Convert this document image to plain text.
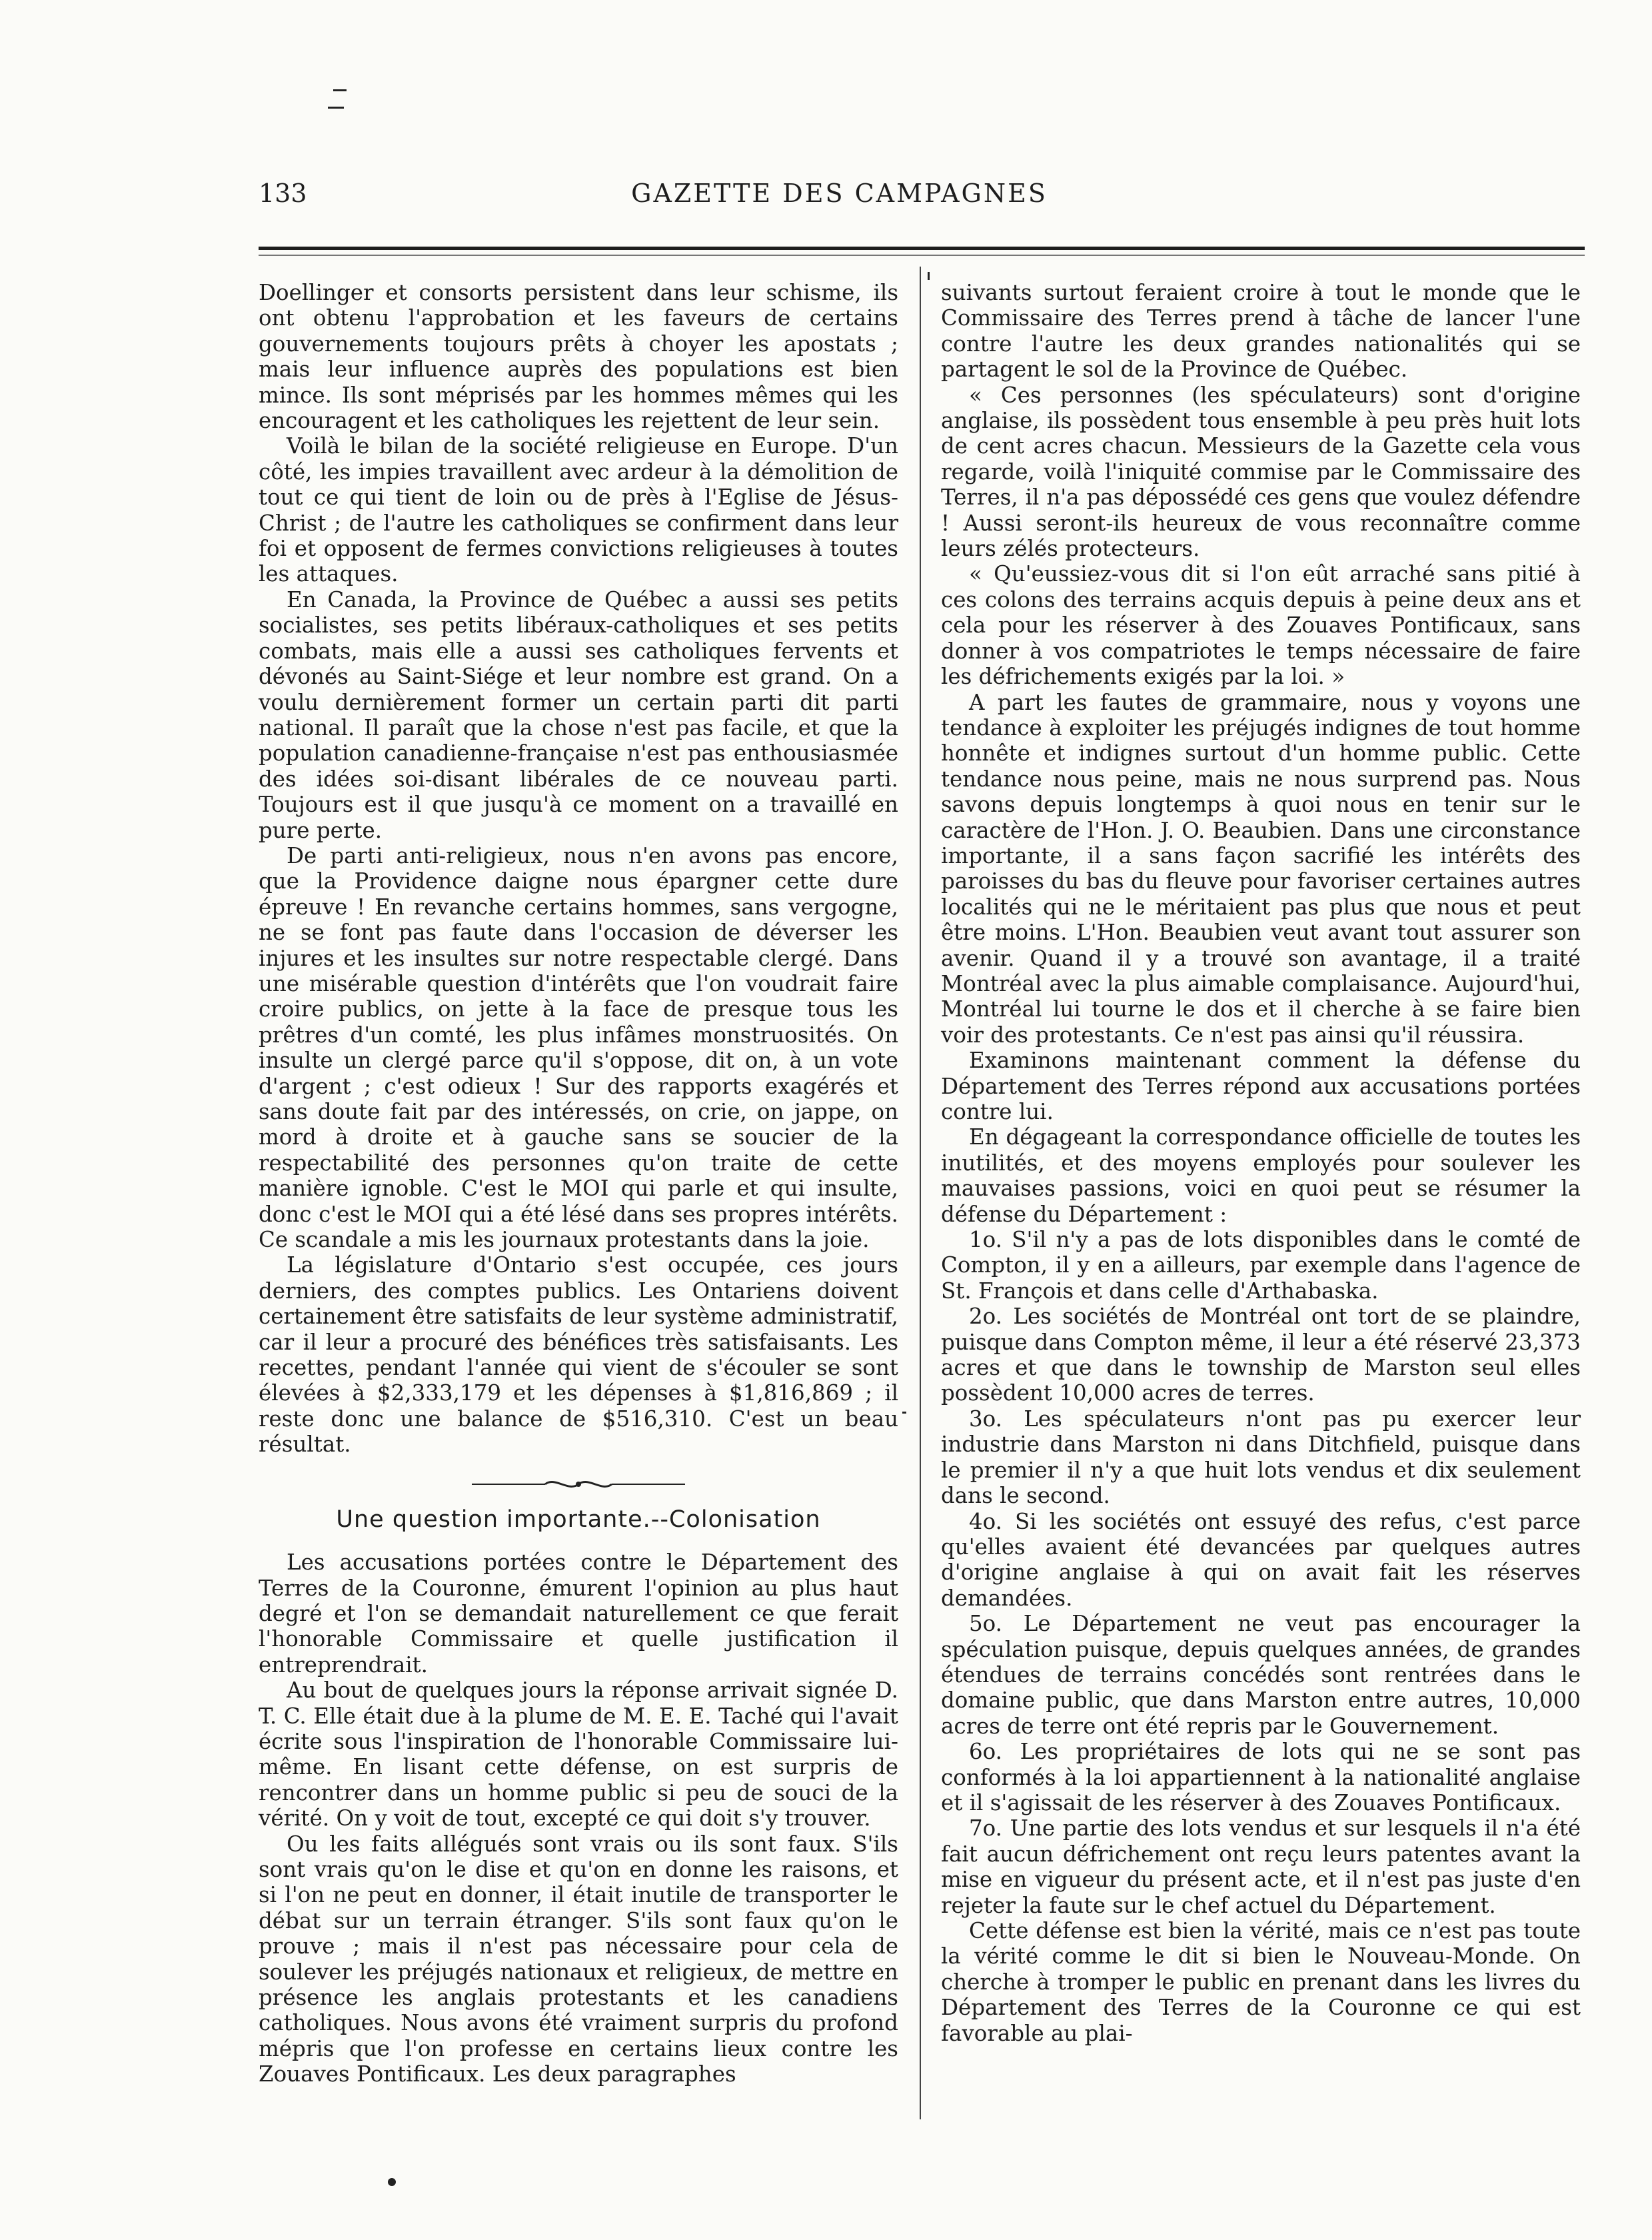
133	GAZETTE DES CAMPAGNES

Doellinger et consorts persistent dans leur schisme, ils ont obtenu l'approbation et les faveurs de certains gouvernements toujours prêts à choyer les apostats ; mais leur influence auprès des populations est bien mince. Ils sont méprisés par les hommes mêmes qui les encouragent et les catholiques les rejettent de leur sein.

Voilà le bilan de la société religieuse en Europe. D'un côté, les impies travaillent avec ardeur à la démolition de tout ce qui tient de loin ou de près à l'Eglise de Jésus-Christ ; de l'autre les catholiques se confirment dans leur foi et opposent de fermes convictions religieuses à toutes les attaques.

En Canada, la Province de Québec a aussi ses petits socialistes, ses petits libéraux-catholiques et ses petits combats, mais elle a aussi ses catholiques fervents et dévonés au Saint-Siége et leur nombre est grand. On a voulu dernièrement former un certain parti dit parti national. Il paraît que la chose n'est pas facile, et que la population canadienne-française n'est pas enthousiasmée des idées soi-disant libérales de ce nouveau parti. Toujours est il que jusqu'à ce moment on a travaillé en pure perte.

De parti anti-religieux, nous n'en avons pas encore, que la Providence daigne nous épargner cette dure épreuve ! En revanche certains hommes, sans vergogne, ne se font pas faute dans l'occasion de déverser les injures et les insultes sur notre respectable clergé. Dans une misérable question d'intérêts que l'on voudrait faire croire publics, on jette à la face de presque tous les prêtres d'un comté, les plus infâmes monstruosités. On insulte un clergé parce qu'il s'oppose, dit on, à un vote d'argent ; c'est odieux ! Sur des rapports exagérés et sans doute fait par des intéressés, on crie, on jappe, on mord à droite et à gauche sans se soucier de la respectabilité des personnes qu'on traite de cette manière ignoble. C'est le MOI qui parle et qui insulte, donc c'est le MOI qui a été lésé dans ses propres intérêts. Ce scandale a mis les journaux protestants dans la joie.

La législature d'Ontario s'est occupée, ces jours derniers, des comptes publics. Les Ontariens doivent certainement être satisfaits de leur système administratif, car il leur a procuré des bénéfices très satisfaisants. Les recettes, pendant l'année qui vient de s'écouler se sont élevées à $2,333,179 et les dépenses à $1,816,869 ; il reste donc une balance de $516,310. C'est un beau résultat.

Une question importante.--Colonisation

Les accusations portées contre le Département des Terres de la Couronne, émurent l'opinion au plus haut degré et l'on se demandait naturellement ce que ferait l'honorable Commissaire et quelle justification il entreprendrait.

Au bout de quelques jours la réponse arrivait signée D. T. C. Elle était due à la plume de M. E. E. Taché qui l'avait écrite sous l'inspiration de l'honorable Commissaire lui-même. En lisant cette défense, on est surpris de rencontrer dans un homme public si peu de souci de la vérité. On y voit de tout, excepté ce qui doit s'y trouver.

Ou les faits allégués sont vrais ou ils sont faux. S'ils sont vrais qu'on le dise et qu'on en donne les raisons, et si l'on ne peut en donner, il était inutile de transporter le débat sur un terrain étranger. S'ils sont faux qu'on le prouve ; mais il n'est pas nécessaire pour cela de soulever les préjugés nationaux et religieux, de mettre en présence les anglais protestants et les canadiens catholiques. Nous avons été vraiment surpris du profond mépris que l'on professe en certains lieux contre les Zouaves Pontificaux. Les deux paragraphes

suivants surtout feraient croire à tout le monde que le Commissaire des Terres prend à tâche de lancer l'une contre l'autre les deux grandes nationalités qui se partagent le sol de la Province de Québec.

« Ces personnes (les spéculateurs) sont d'origine anglaise, ils possèdent tous ensemble à peu près huit lots de cent acres chacun. Messieurs de la Gazette cela vous regarde, voilà l'iniquité commise par le Commissaire des Terres, il n'a pas dépossédé ces gens que voulez défendre ! Aussi seront-ils heureux de vous reconnaître comme leurs zélés protecteurs.

« Qu'eussiez-vous dit si l'on eût arraché sans pitié à ces colons des terrains acquis depuis à peine deux ans et cela pour les réserver à des Zouaves Pontificaux, sans donner à vos compatriotes le temps nécessaire de faire les défrichements exigés par la loi. »

A part les fautes de grammaire, nous y voyons une tendance à exploiter les préjugés indignes de tout homme honnête et indignes surtout d'un homme public. Cette tendance nous peine, mais ne nous surprend pas. Nous savons depuis longtemps à quoi nous en tenir sur le caractère de l'Hon. J. O. Beaubien. Dans une circonstance importante, il a sans façon sacrifié les intérêts des paroisses du bas du fleuve pour favoriser certaines autres localités qui ne le méritaient pas plus que nous et peut être moins. L'Hon. Beaubien veut avant tout assurer son avenir. Quand il y a trouvé son avantage, il a traité Montréal avec la plus aimable complaisance. Aujourd'hui, Montréal lui tourne le dos et il cherche à se faire bien voir des protestants. Ce n'est pas ainsi qu'il réussira.

Examinons maintenant comment la défense du Département des Terres répond aux accusations portées contre lui.

En dégageant la correspondance officielle de toutes les inutilités, et des moyens employés pour soulever les mauvaises passions, voici en quoi peut se résumer la défense du Département :

1o. S'il n'y a pas de lots disponibles dans le comté de Compton, il y en a ailleurs, par exemple dans l'agence de St. François et dans celle d'Arthabaska.

2o. Les sociétés de Montréal ont tort de se plaindre, puisque dans Compton même, il leur a été réservé 23,373 acres et que dans le township de Marston seul elles possèdent 10,000 acres de terres.

3o. Les spéculateurs n'ont pas pu exercer leur industrie dans Marston ni dans Ditchfield, puisque dans le premier il n'y a que huit lots vendus et dix seulement dans le second.

4o. Si les sociétés ont essuyé des refus, c'est parce qu'elles avaient été devancées par quelques autres d'origine anglaise à qui on avait fait les réserves demandées.

5o. Le Département ne veut pas encourager la spéculation puisque, depuis quelques années, de grandes étendues de terrains concédés sont rentrées dans le domaine public, que dans Marston entre autres, 10,000 acres de terre ont été repris par le Gouvernement.

6o. Les propriétaires de lots qui ne se sont pas conformés à la loi appartiennent à la nationalité anglaise et il s'agissait de les réserver à des Zouaves Pontificaux.

7o. Une partie des lots vendus et sur lesquels il n'a été fait aucun défrichement ont reçu leurs patentes avant la mise en vigueur du présent acte, et il n'est pas juste d'en rejeter la faute sur le chef actuel du Département.

Cette défense est bien la vérité, mais ce n'est pas toute la vérité comme le dit si bien le Nouveau-Monde. On cherche à tromper le public en prenant dans les livres du Département des Terres de la Couronne ce qui est favorable au plai-
